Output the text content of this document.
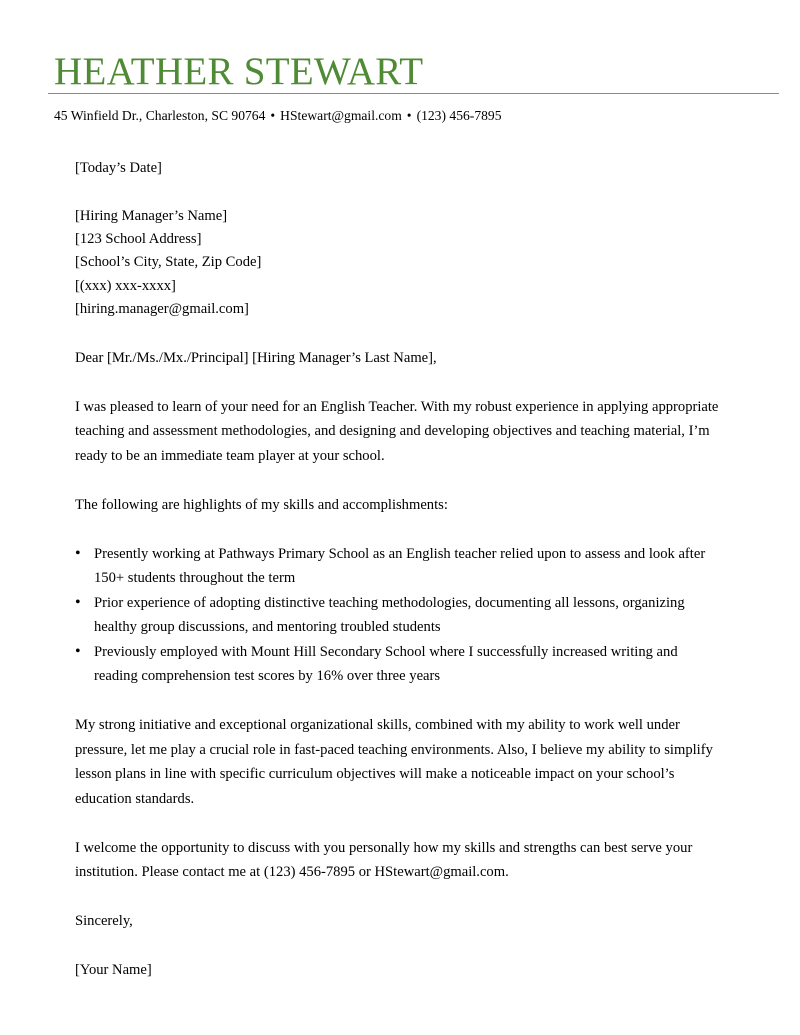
HEATHER STEWART
45 Winfield Dr., Charleston, SC 90764 • HStewart@gmail.com • (123) 456-7895

[Today’s Date]

[Hiring Manager’s Name]

[123 School Address]

[School’s City, State, Zip Code]

[(xxx) xxx-xxxx]

[hiring.manager@gmail.com]

Dear [Mr./Ms./Mx./Principal] [Hiring Manager’s Last Name],

I was pleased to learn of your need for an English Teacher. With my robust experience in applying appropriate teaching and assessment methodologies, and designing and developing objectives and teaching material, I’m ready to be an immediate team player at your school.

The following are highlights of my skills and accomplishments:

• Presently working at Pathways Primary School as an English teacher relied upon to assess and look after 150+ students throughout the term
• Prior experience of adopting distinctive teaching methodologies, documenting all lessons, organizing healthy group discussions, and mentoring troubled students
• Previously employed with Mount Hill Secondary School where I successfully increased writing and reading comprehension test scores by 16% over three years

My strong initiative and exceptional organizational skills, combined with my ability to work well under pressure, let me play a crucial role in fast-paced teaching environments. Also, I believe my ability to simplify lesson plans in line with specific curriculum objectives will make a noticeable impact on your school’s education standards.

I welcome the opportunity to discuss with you personally how my skills and strengths can best serve your institution. Please contact me at (123) 456-7895 or HStewart@gmail.com.

Sincerely,

[Your Name]
